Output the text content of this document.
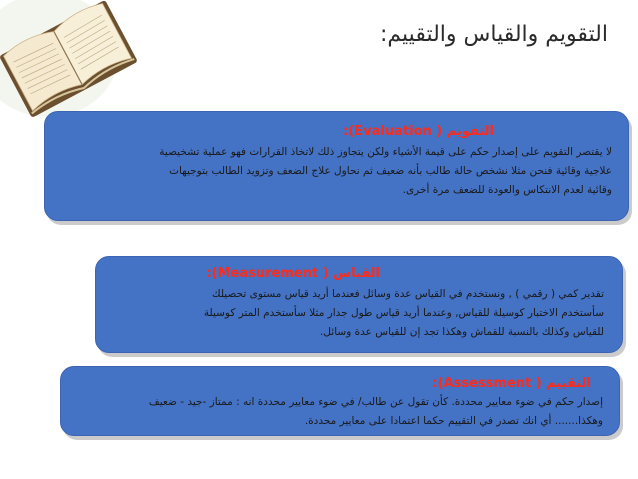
التقويم والقياس والتقييم:
التقويم ( Evaluation):
لا يقتصر التقويم على إصدار حكم على قيمة الأشياء ولكن يتجاوز ذلك لاتخاذ القرارات فهو عملية تشخيصية
علاجية وقائية فنحن مثلا نشخص حالة طالب بأنه ضعيف ثم نحاول علاج الضعف وتزويد الطالب بتوجيهات
وقائية لعدم الانتكاس والعودة للضعف مرة أخرى.
القياس ( Measurement):
تقدير كمي ( رقمي ) , ونستخدم في القياس عدة وسائل فعندما أريد قياس مستوى تحصيلك
سأستخدم الاختبار كوسيلة للقياس, وعندما أريد قياس طول جدار مثلا سأستخدم المتر كوسيلة
للقياس وكذلك بالنسبة للقماش وهكذا تجد إن للقياس عدة وسائل.
التقييم ( Assessment):
إصدار حكم في ضوء معايير محددة. كأن تقول عن طالب/ في ضوء معايير محددة انه : ممتاز -جيد - ضعيف
وهكذا....... أي انك تصدر في التقييم حكما اعتمادا على معايير محددة.
